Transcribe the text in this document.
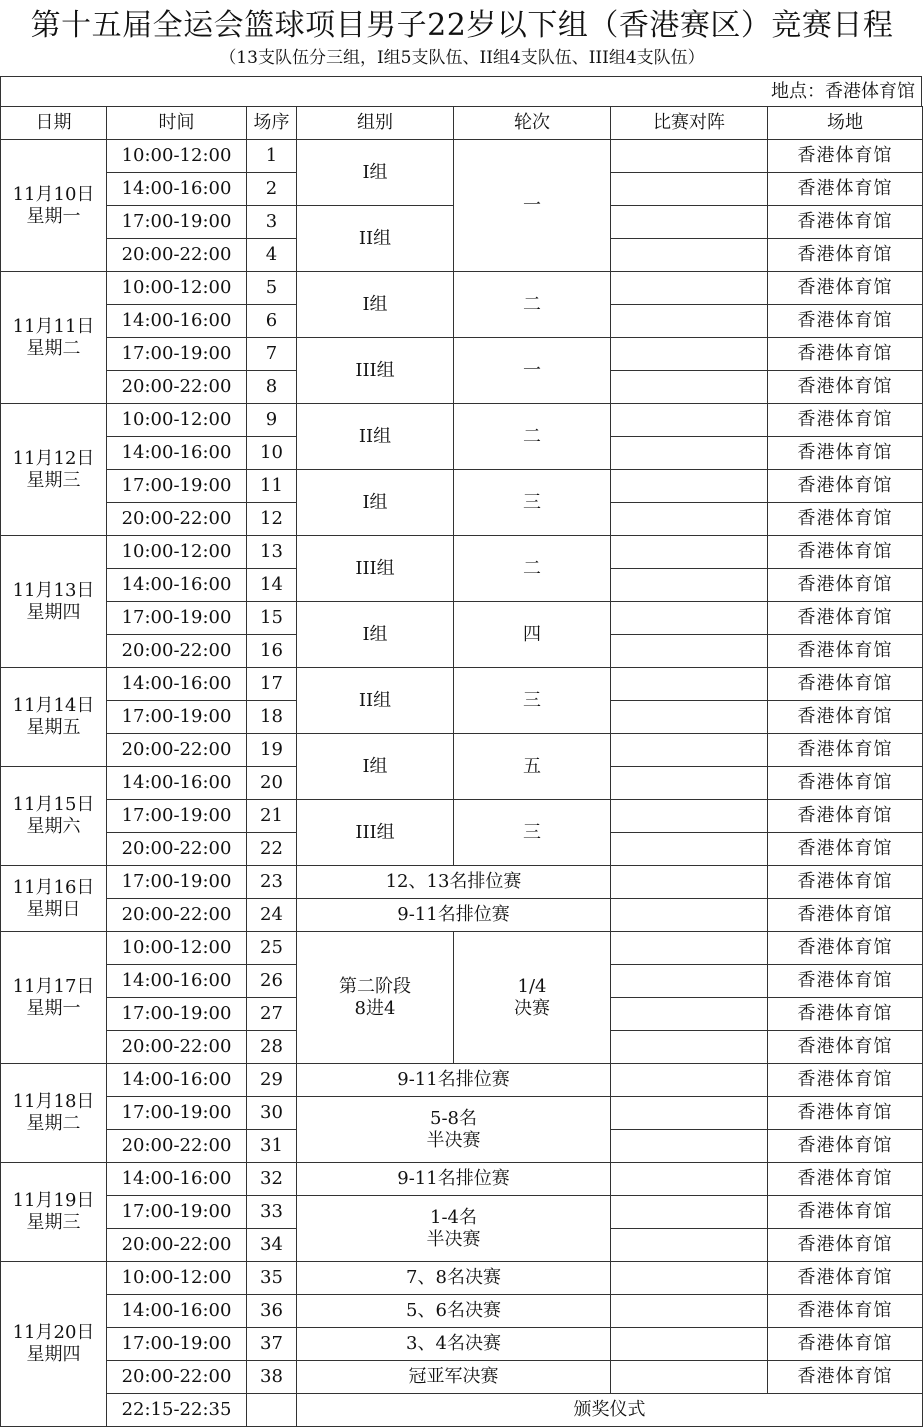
第十五届全运会篮球项目男子22岁以下组（香港赛区）竞赛日程
（13支队伍分三组，I组5支队伍、II组4支队伍、III组4支队伍）
地点：香港体育馆
日期	时间	场序	组别	轮次	比赛对阵	场地
11月10日
星期一	10:00-12:00	1	I组	一		香港体育馆
	14:00-16:00	2				香港体育馆
	17:00-19:00	3	II组			香港体育馆
	20:00-22:00	4				香港体育馆
11月11日
星期二	10:00-12:00	5	I组	二		香港体育馆
	14:00-16:00	6				香港体育馆
	17:00-19:00	7	III组	一		香港体育馆
	20:00-22:00	8				香港体育馆
11月12日
星期三	10:00-12:00	9	II组	二		香港体育馆
	14:00-16:00	10				香港体育馆
	17:00-19:00	11	I组	三		香港体育馆
	20:00-22:00	12				香港体育馆
11月13日
星期四	10:00-12:00	13	III组	二		香港体育馆
	14:00-16:00	14				香港体育馆
	17:00-19:00	15	I组	四		香港体育馆
	20:00-22:00	16				香港体育馆
11月14日
星期五	14:00-16:00	17	II组	三		香港体育馆
	17:00-19:00	18				香港体育馆
	20:00-22:00	19	I组	五		香港体育馆
11月15日
星期六	14:00-16:00	20				香港体育馆
	17:00-19:00	21	III组	三		香港体育馆
	20:00-22:00	22				香港体育馆
11月16日
星期日	17:00-19:00	23	12、13名排位赛			香港体育馆
	20:00-22:00	24	9-11名排位赛			香港体育馆
11月17日
星期一	10:00-12:00	25	第二阶段
8进4	1/4
决赛		香港体育馆
	14:00-16:00	26				香港体育馆
	17:00-19:00	27				香港体育馆
	20:00-22:00	28				香港体育馆
11月18日
星期二	14:00-16:00	29	9-11名排位赛			香港体育馆
	17:00-19:00	30	5-8名
半决赛			香港体育馆
	20:00-22:00	31				香港体育馆
11月19日
星期三	14:00-16:00	32	9-11名排位赛			香港体育馆
	17:00-19:00	33	1-4名
半决赛			香港体育馆
	20:00-22:00	34				香港体育馆
11月20日
星期四	10:00-12:00	35	7、8名决赛			香港体育馆
	14:00-16:00	36	5、6名决赛			香港体育馆
	17:00-19:00	37	3、4名决赛			香港体育馆
	20:00-22:00	38	冠亚军决赛			香港体育馆
	22:15-22:35		颁奖仪式			
